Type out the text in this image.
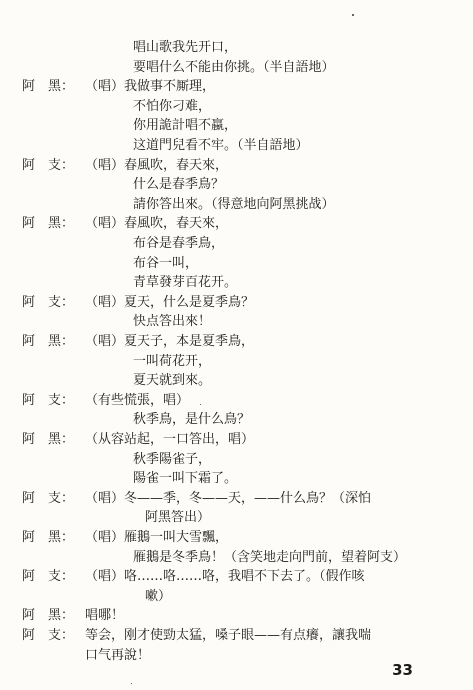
唱山歌我先开口，
要唱什么不能由你挑。（半自語地）
阿　黑： （唱）我做事不厮理，
不怕你刁难，
你用詭計唱不蠃，
这道門兒看不牢。（半自語地）
阿　支： （唱）春風吹，春天來，
什么是春季鳥？
請你答出來。（得意地向阿黑挑战）
阿　黑： （唱）春風吹，春天來，
布谷是春季鳥，
布谷一叫，
青草發芽百花开。
阿　支： （唱）夏天，什么是夏季鳥？
快点答出來！
阿　黑： （唱）夏天子，本是夏季鳥，
一叫荷花开，
夏天就到來。
阿　支： （有些慌張，唱）
秋季鳥，是什么鳥？
阿　黑： （从容站起，一口答出，唱）
秋季陽雀子，
陽雀一叫下霜了。
阿　支： （唱）冬——季，冬——天，——什么鳥？（深怕
阿黑答出）
阿　黑： （唱）雁鵝一叫大雪飄，
雁鵝是冬季鳥！（含笑地走向門前，望着阿支）
阿　支： （唱）咯……咯……咯，我唱不下去了。（假作咳
嗽）
阿　黑： 唱哪！
阿　支： 等会，刚才使勁太猛，嗓子眼——有点癢，讓我喘
口气再說！
33
